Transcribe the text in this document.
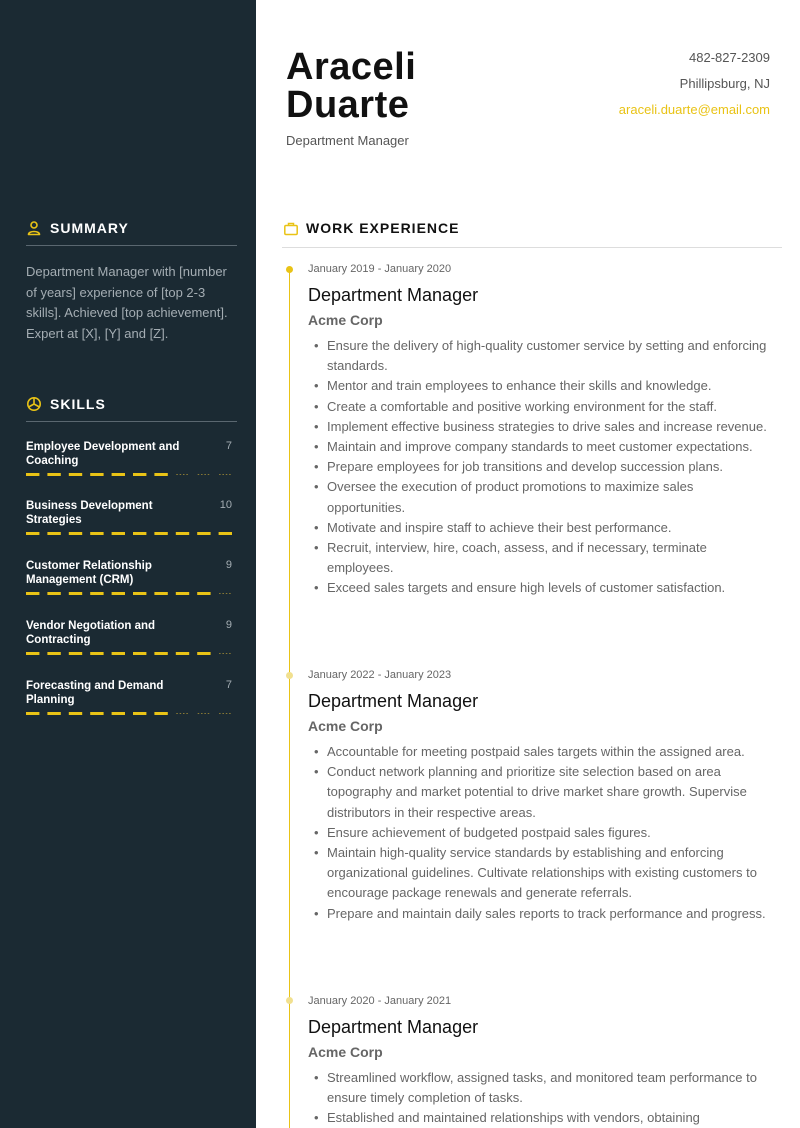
SUMMARY
Department Manager with [number of years] experience of [top 2-3 skills]. Achieved [top achievement]. Expert at [X], [Y] and [Z].
SKILLS
Employee Development and Coaching
7
Business Development Strategies
10
Customer Relationship Management (CRM)
9
Vendor Negotiation and Contracting
9
Forecasting and Demand Planning
7
Araceli
Duarte
Department Manager
482-827-2309
Phillipsburg, NJ
araceli.duarte@email.com
WORK EXPERIENCE
January 2019 - January 2020
Department Manager
Acme Corp
• Ensure the delivery of high-quality customer service by setting and enforcing standards.
• Mentor and train employees to enhance their skills and knowledge.
• Create a comfortable and positive working environment for the staff.
• Implement effective business strategies to drive sales and increase revenue.
• Maintain and improve company standards to meet customer expectations.
• Prepare employees for job transitions and develop succession plans.
• Oversee the execution of product promotions to maximize sales opportunities.
• Motivate and inspire staff to achieve their best performance.
• Recruit, interview, hire, coach, assess, and if necessary, terminate employees.
• Exceed sales targets and ensure high levels of customer satisfaction.
January 2022 - January 2023
Department Manager
Acme Corp
• Accountable for meeting postpaid sales targets within the assigned area.
• Conduct network planning and prioritize site selection based on area topography and market potential to drive market share growth. Supervise distributors in their respective areas.
• Ensure achievement of budgeted postpaid sales figures.
• Maintain high-quality service standards by establishing and enforcing organizational guidelines. Cultivate relationships with existing customers to encourage package renewals and generate referrals.
• Prepare and maintain daily sales reports to track performance and progress.
January 2020 - January 2021
Department Manager
Acme Corp
• Streamlined workflow, assigned tasks, and monitored team performance to ensure timely completion of tasks.
• Established and maintained relationships with vendors, obtaining
